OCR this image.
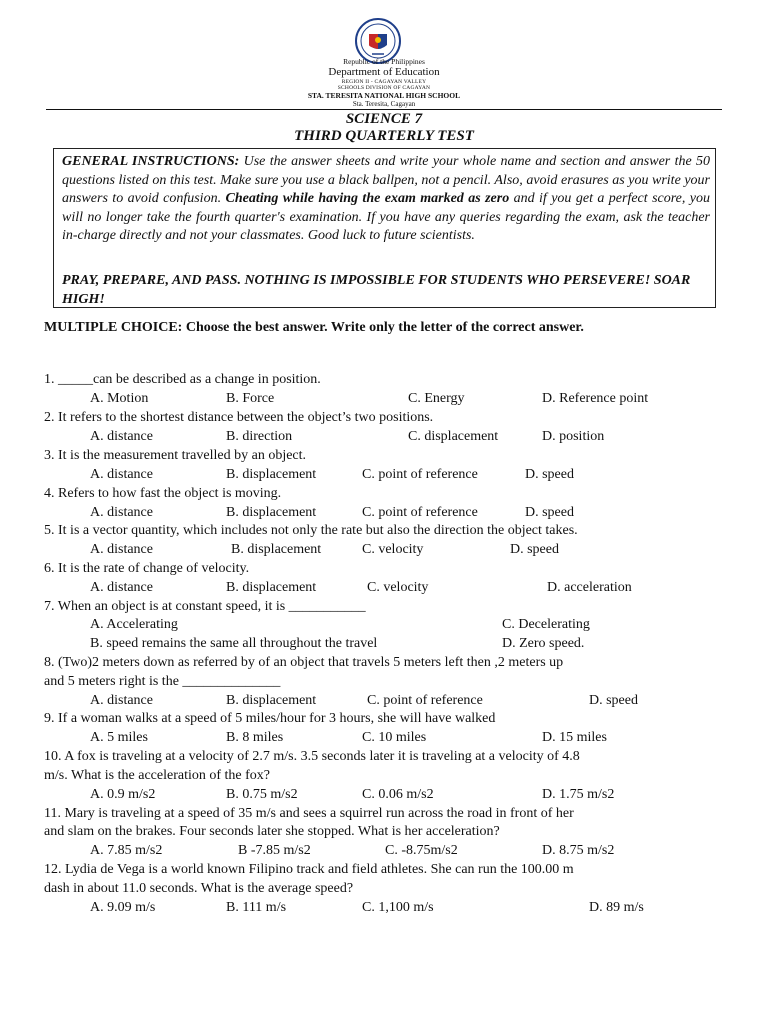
Republic of the Philippines
Department of Education
REGION II - CAGAYAN VALLEY
SCHOOLS DIVISION OF CAGAYAN
STA. TERESITA NATIONAL HIGH SCHOOL
Sta. Teresita, Cagayan
SCIENCE 7
THIRD QUARTERLY TEST
GENERAL INSTRUCTIONS: Use the answer sheets and write your whole name and section and answer the 50 questions listed on this test. Make sure you use a black ballpen, not a pencil. Also, avoid erasures as you write your answers to avoid confusion. Cheating while having the exam marked as zero and if you get a perfect score, you will no longer take the fourth quarter's examination. If you have any queries regarding the exam, ask the teacher in-charge directly and not your classmates. Good luck to future scientists.
PRAY, PREPARE, AND PASS. NOTHING IS IMPOSSIBLE FOR STUDENTS WHO PERSEVERE! SOAR HIGH!
MULTIPLE CHOICE: Choose the best answer. Write only the letter of the correct answer.
1. _____can be described as a change in position.
A. Motion	B. Force	C. Energy	D. Reference point
2. It refers to the shortest distance between the object’s two positions.
A. distance	B. direction	C. displacement	D. position
3. It is the measurement travelled by an object.
A. distance	B. displacement	C. point of reference	D. speed
4. Refers to how fast the object is moving.
A. distance	B. displacement	C. point of reference	D. speed
5. It is a vector quantity, which includes not only the rate but also the direction the object takes.
A. distance	B. displacement	C. velocity	D. speed
6. It is the rate of change of velocity.
A. distance	B. displacement	C. velocity	D. acceleration
7. When an object is at constant speed, it is ___________
A. Accelerating	C. Decelerating
B. speed remains the same all throughout the travel	D. Zero speed.
8. (Two)2 meters down as referred by of an object that travels 5 meters left then ,2 meters up
and 5 meters right is the ______________
A. distance	B. displacement	C. point of reference	D. speed
9. If a woman walks at a speed of 5 miles/hour for 3 hours, she will have walked
A. 5 miles	B. 8 miles	C. 10 miles	D. 15 miles
10. A fox is traveling at a velocity of 2.7 m/s. 3.5 seconds later it is traveling at a velocity of 4.8
m/s. What is the acceleration of the fox?
A. 0.9 m/s2	B. 0.75 m/s2	C. 0.06 m/s2	D. 1.75 m/s2
11. Mary is traveling at a speed of 35 m/s and sees a squirrel run across the road in front of her
and slam on the brakes. Four seconds later she stopped. What is her acceleration?
A. 7.85 m/s2	B -7.85 m/s2	C. -8.75m/s2	D. 8.75 m/s2
12. Lydia de Vega is a world known Filipino track and field athletes. She can run the 100.00 m
dash in about 11.0 seconds. What is the average speed?
A. 9.09 m/s	B. 111 m/s	C. 1,100 m/s	D. 89 m/s
